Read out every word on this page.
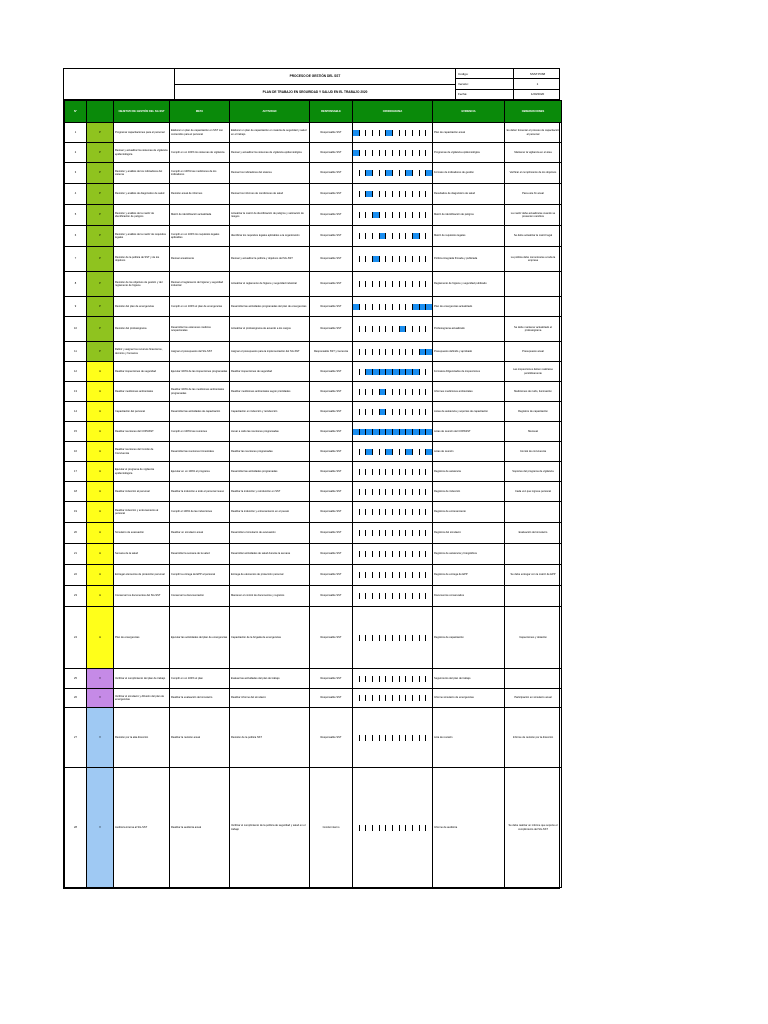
PROCESO DE GESTIÓN DEL SST
PLAN DE TRABAJO EN SEGURIDAD Y SALUD EN EL TRABAJO
2020
Código:	SSST.P068
Versión:	1
Fecha:	1/20/2020
N°		OBJETIVO DE GESTIÓN DEL SG-SST	META	ACTIVIDAD	RESPONSABLE	CRONOGRAMA	EVIDENCIA	OBSERVACIONES
1	P	Programar capacitaciones para el personal	Elaborar un plan de capacitación en SST con contenidos para el personal	Elaborar un plan de capacitación en materia de seguridad y salud en el trabajo	Responsable SST		Plan de capacitación anual	Es deber fomentar el proceso de capacitación al personal
2	P	Revisar y actualizar los sistemas de vigilancia epidemiológica	Cumplir en un 100% los sistemas de vigilancia	Revisar y actualizar los sistemas de vigilancia epidemiológica	Responsable SST		Programas de vigilancia epidemiológica	Mantener la vigilancia en el área
3	P	Revisión y análisis de los indicadores del sistema	Cumplir en 100% las mediciones de los indicadores	Revisar los indicadores del sistema	Responsable SST		Formato de indicadores de gestión	Verificar el cumplimiento de los objetivos
4	P	Revisión y análisis de diagnóstico de salud	Revisión anual de informes	Revisar los informes de condiciones de salud	Responsable SST		Resultados de diagnóstico de salud	Para este fin anual
5	P	Revisión y análisis de la matriz de identificación de peligros	Matriz de identificación actualizada	Actualizar la matriz de identificación de peligros y valoración de riesgos	Responsable SST		Matriz de identificación de peligros	La matriz debe actualizarse cuando se presenten cambios
6	P	Revisión y análisis de la matriz de requisitos legales	Cumplir en un 100% los requisitos legales aplicables	Identificar los requisitos legales aplicables a la organización	Responsable SST		Matriz de requisitos legales	Se debe actualizar la matriz legal
7	P	Revisión de la política de SST y de los objetivos	Revisar anualmente	Revisar y actualizar la política y objetivos del SG-SST	Responsable SST		Política integrada firmada y publicada	La política debe comunicarse a toda la empresa
8	P	Revisión de los objetivos de gestión y del reglamento de higiene	Revisar el reglamento de higiene y seguridad industrial	Actualizar el reglamento de higiene y seguridad industrial	Responsable SST		Reglamento de higiene y seguridad publicado	
9	P	Revisión del plan de emergencias	Cumplir en un 100% el plan de emergencias	Desarrollar las actividades programadas del plan de emergencias	Responsable SST		Plan de emergencias actualizado	
10	P	Revisión del profesiograma	Desarrollar los exámenes médicos ocupacionales	Actualizar el profesiograma de acuerdo a los cargos	Responsable SST		Profesiograma actualizado	Se debe mantener actualizado el profesiograma
11	P	Definir y asignar los recursos financieros, técnicos y humanos	Asignar el presupuesto del SG-SST	Asignar el presupuesto para la implementación del SG-SST	Responsable SST y Gerencia		Presupuesto definido y aprobado	Presupuesto anual
12	H	Realizar inspecciones de seguridad	Ejecutar 100% de las inspecciones programadas	Realizar inspecciones de seguridad	Responsable SST		Formatos diligenciados de inspecciones	Las inspecciones deben realizarse periódicamente
13	H	Realizar mediciones ambientales	Realizar 100% de las mediciones ambientales programadas	Realizar mediciones ambientales según prioridades	Responsable SST		Informes mediciones ambientales	Mediciones de ruido, iluminación
14	H	Capacitación del personal	Desarrollar las actividades de capacitación	Capacitación en inducción y reinducción	Responsable SST		Listas de asistencia y soportes de capacitación	Registros de capacitación
15	H	Realizar reuniones del COPASST	Cumplir en 100% las reuniones	Llevar a cabo las reuniones programadas	Responsable SST		Actas de reunión del COPASST	Mensual
16	H	Realizar reuniones del Comité de Convivencia	Desarrollar las reuniones trimestrales	Realizar las reuniones programadas	Responsable SST		Actas de reunión	Comité de convivencia
17	H	Ejecutar el programa de vigilancia epidemiológica	Ejecutar en un 100% el programa	Desarrollar las actividades programadas	Responsable SST		Registros de asistencia	Soportes del programa de vigilancia
18	H	Realizar inducción al personal	Realizar la inducción a todo el personal nuevo	Realizar la inducción y reinducción en SST	Responsable SST		Registros de inducción	Cada vez que ingrese personal
19	H	Realizar inducción y entrenamiento al personal	Cumplir el 100% de las inducciones	Realizar la inducción y entrenamiento en el puesto	Responsable SST		Registros de entrenamiento	
20	H	Simulacro de evacuación	Realizar un simulacro anual	Desarrollar el simulacro de evacuación	Responsable SST		Registros del simulacro	Evaluación del simulacro
21	H	Semana de la salud	Desarrollar la semana de la salud	Desarrollar actividades de salud durante la semana	Responsable SST		Registros de asistencia y fotográficos	
22	H	Entregar elementos de protección personal	Cumplir la entrega de EPP al personal	Entrega de elementos de protección personal	Responsable SST		Registros de entrega de EPP	Se debe entregar con la matriz de EPP
23	H	Conservar los documentos del SG-SST	Conservar la documentación	Mantener el control de documentos y registros	Responsable SST		Documentos conservados	
24	H	Plan de emergencias	Ejecutar las actividades del plan de emergencias	Capacitación de la brigada de emergencias	Responsable SST		Registros de capacitación	Inspecciones y dotación
25	V	Verificar el cumplimiento del plan de trabajo	Cumplir en un 100% el plan	Evaluar las actividades del plan de trabajo	Responsable SST		Seguimiento del plan de trabajo	
26	V	Verificar el simulacro y difusión del plan de emergencias	Realizar la evaluación del simulacro	Realizar informe del simulacro	Responsable SST		Informe simulacro de emergencias	Participación en simulacro anual
27	V	Revisión por la alta dirección	Realizar la revisión anual	Revisión de la política SST	Responsable SST		Acta de revisión	Informe de revisión por la dirección
28	V	Auditoría interna al SG-SST	Realizar la auditoría anual	Verificar el cumplimiento de la política de seguridad y salud en el trabajo	Comité interno		Informe de auditoría	Se debe realizar un informe que soporte el cumplimiento del SG-SST
